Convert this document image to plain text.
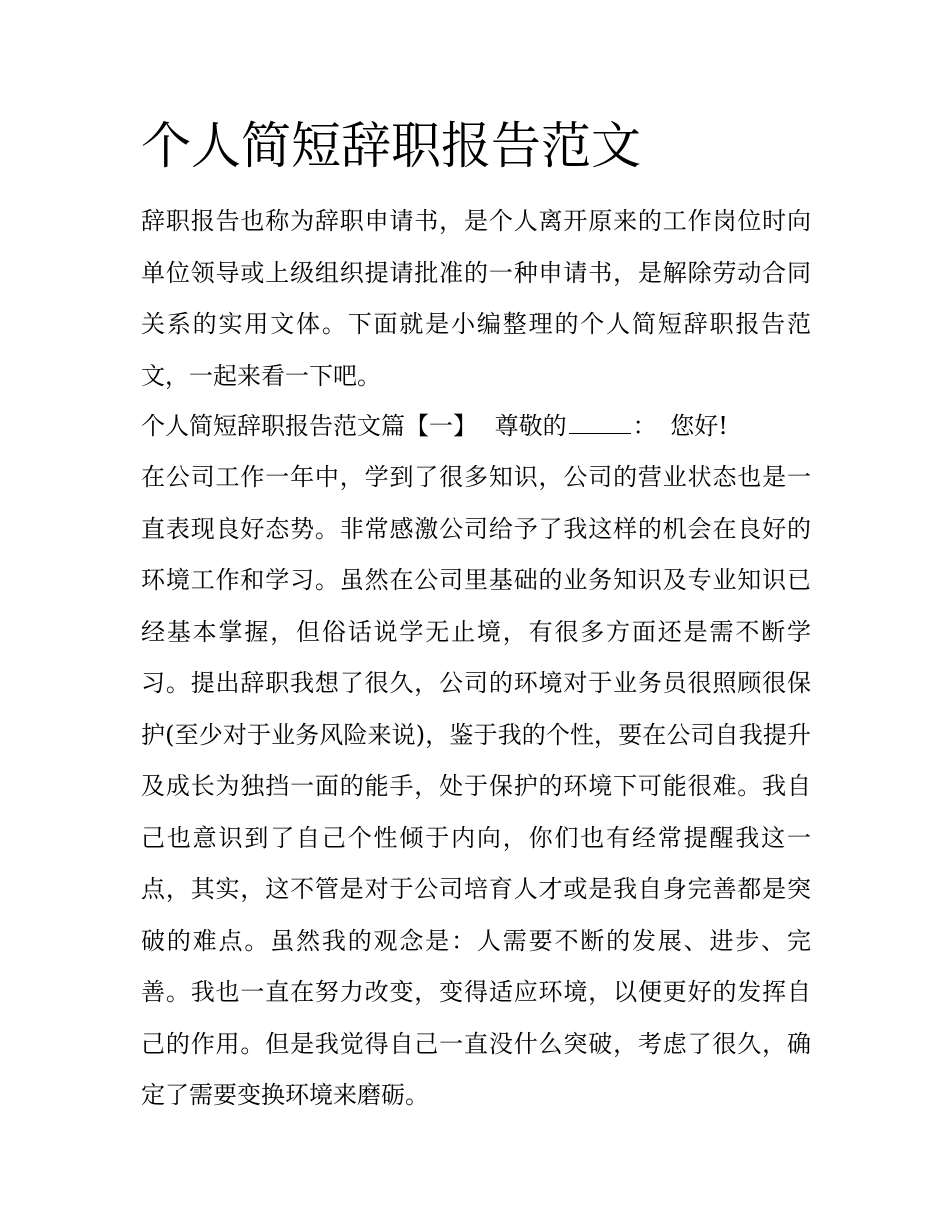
个人简短辞职报告范文
辞职报告也称为辞职申请书，是个人离开原来的工作岗位时向单位领导或上级组织提请批准的一种申请书，是解除劳动合同关系的实用文体。下面就是小编整理的个人简短辞职报告范文，一起来看一下吧。
个人简短辞职报告范文篇【一】 尊敬的	： 您好!
在公司工作一年中，学到了很多知识，公司的营业状态也是一直表现良好态势。非常感激公司给予了我这样的机会在良好的环境工作和学习。虽然在公司里基础的业务知识及专业知识已经基本掌握，但俗话说学无止境，有很多方面还是需不断学习。提出辞职我想了很久，公司的环境对于业务员很照顾很保护(至少对于业务风险来说)，鉴于我的个性，要在公司自我提升及成长为独挡一面的能手，处于保护的环境下可能很难。我自己也意识到了自己个性倾于内向，你们也有经常提醒我这一点，其实，这不管是对于公司培育人才或是我自身完善都是突破的难点。虽然我的观念是：人需要不断的发展、进步、完善。我也一直在努力改变，变得适应环境，以便更好的发挥自己的作用。但是我觉得自己一直没什么突破，考虑了很久，确定了需要变换环境来磨砺。
